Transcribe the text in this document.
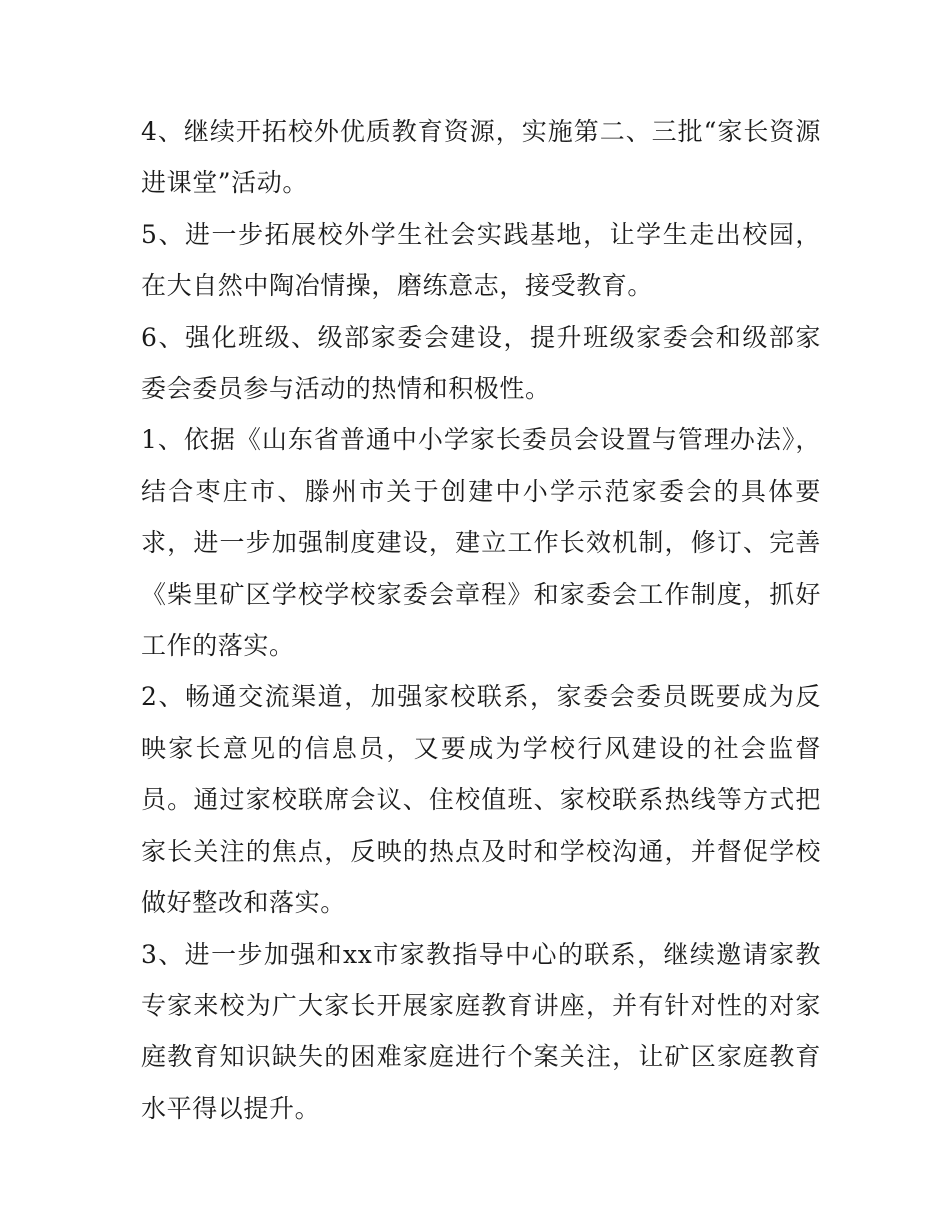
4、继续开拓校外优质教育资源，实施第二、三批“家长资源进课堂”活动。

5、进一步拓展校外学生社会实践基地，让学生走出校园，在大自然中陶冶情操，磨练意志，接受教育。

6、强化班级、级部家委会建设，提升班级家委会和级部家委会委员参与活动的热情和积极性。

1、依据《山东省普通中小学家长委员会设置与管理办法》，结合枣庄市、滕州市关于创建中小学示范家委会的具体要求，进一步加强制度建设，建立工作长效机制，修订、完善《柴里矿区学校学校家委会章程》和家委会工作制度，抓好工作的落实。

2、畅通交流渠道，加强家校联系，家委会委员既要成为反映家长意见的信息员，又要成为学校行风建设的社会监督员。通过家校联席会议、住校值班、家校联系热线等方式把家长关注的焦点，反映的热点及时和学校沟通，并督促学校做好整改和落实。

3、进一步加强和xx市家教指导中心的联系，继续邀请家教专家来校为广大家长开展家庭教育讲座，并有针对性的对家庭教育知识缺失的困难家庭进行个案关注，让矿区家庭教育水平得以提升。
